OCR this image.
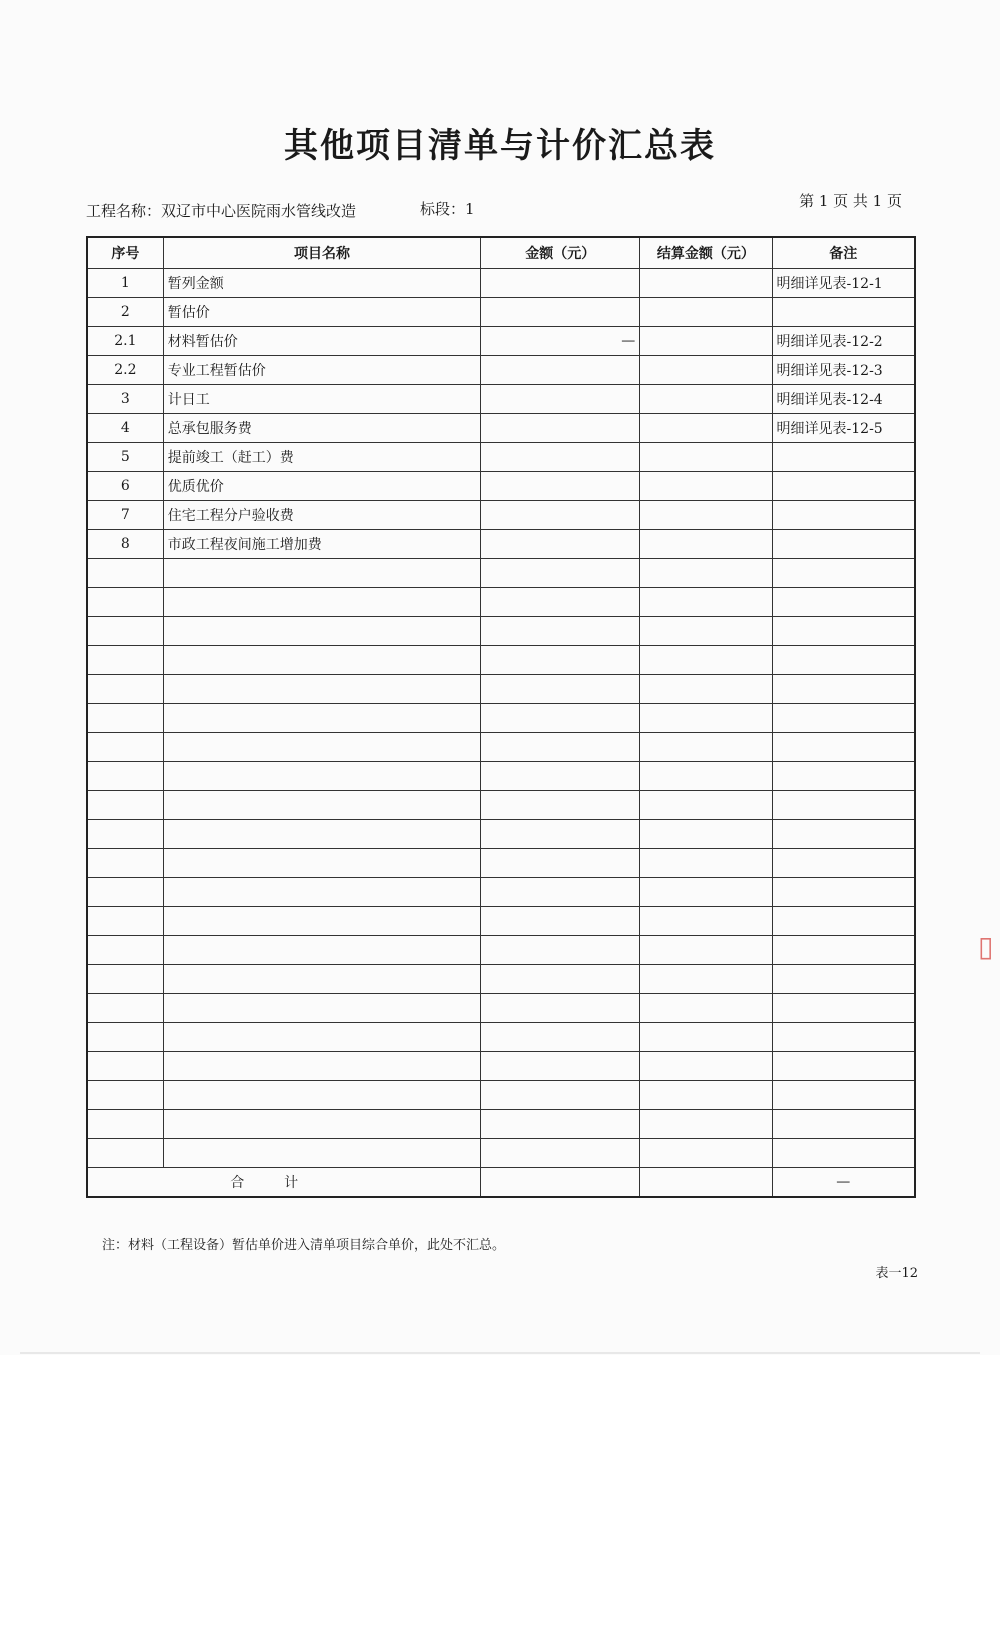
其他项目清单与计价汇总表
工程名称：双辽市中心医院雨水管线改造	标段：1	第 1 页 共 1 页
序号	项目名称	金额（元）	结算金额（元）	备注
1	暂列金额			明细详见表-12-1
2	暂估价			
2.1	材料暂估价	—		明细详见表-12-2
2.2	专业工程暂估价			明细详见表-12-3
3	计日工			明细详见表-12-4
4	总承包服务费			明细详见表-12-5
5	提前竣工（赶工）费			
6	优质优价			
7	住宅工程分户验收费			
8	市政工程夜间施工增加费			

合计				—
注：材料（工程设备）暂估单价进入清单项目综合单价，此处不汇总。
表一12
▯
